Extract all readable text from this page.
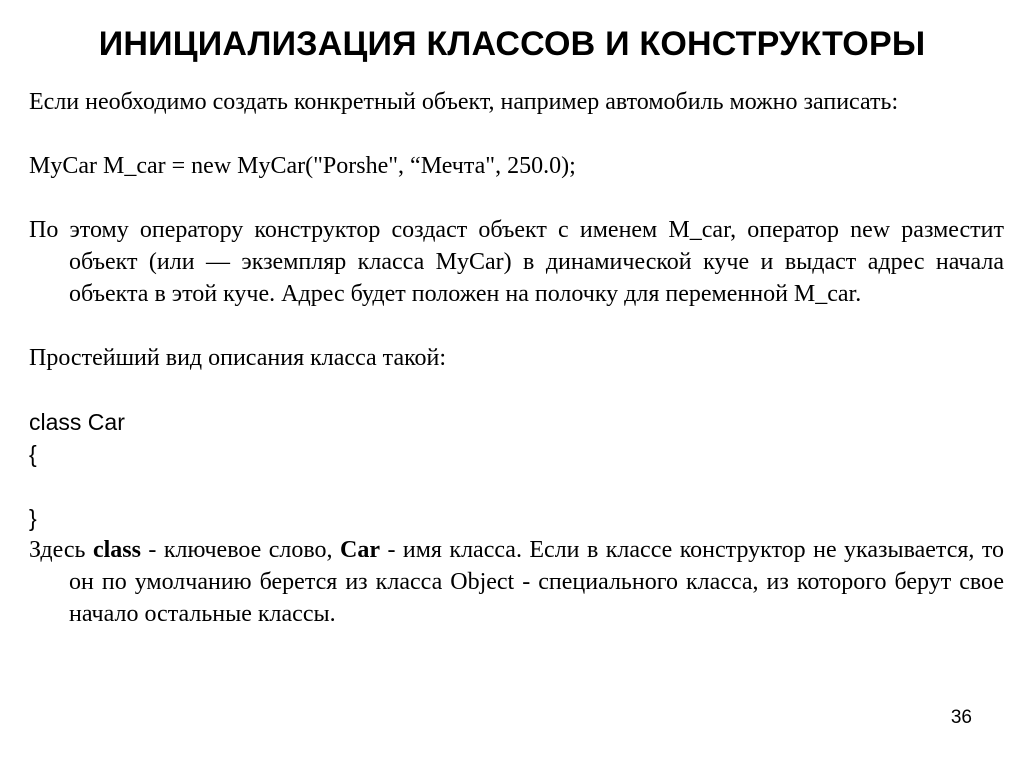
ИНИЦИАЛИЗАЦИЯ КЛАССОВ И КОНСТРУКТОРЫ

Если необходимо создать конкретный объект, например автомобиль можно записать:

MyCar M_car = new MyCar("Porshe", “Мечта", 250.0);

По этому оператору конструктор создаст объект с именем M_car, оператор new разместит объект (или — экземпляр класса MyCar) в динамической куче и выдаст адрес начала объекта в этой куче. Адрес будет положен на полочку для переменной M_car.

Простейший вид описания класса такой:

class Car

{

}

Здесь class - ключевое слово, Car - имя класса. Если в классе конструктор не указывается, то он по умолчанию берется из класса Object - специального класса, из которого берут свое начало остальные классы.

36
